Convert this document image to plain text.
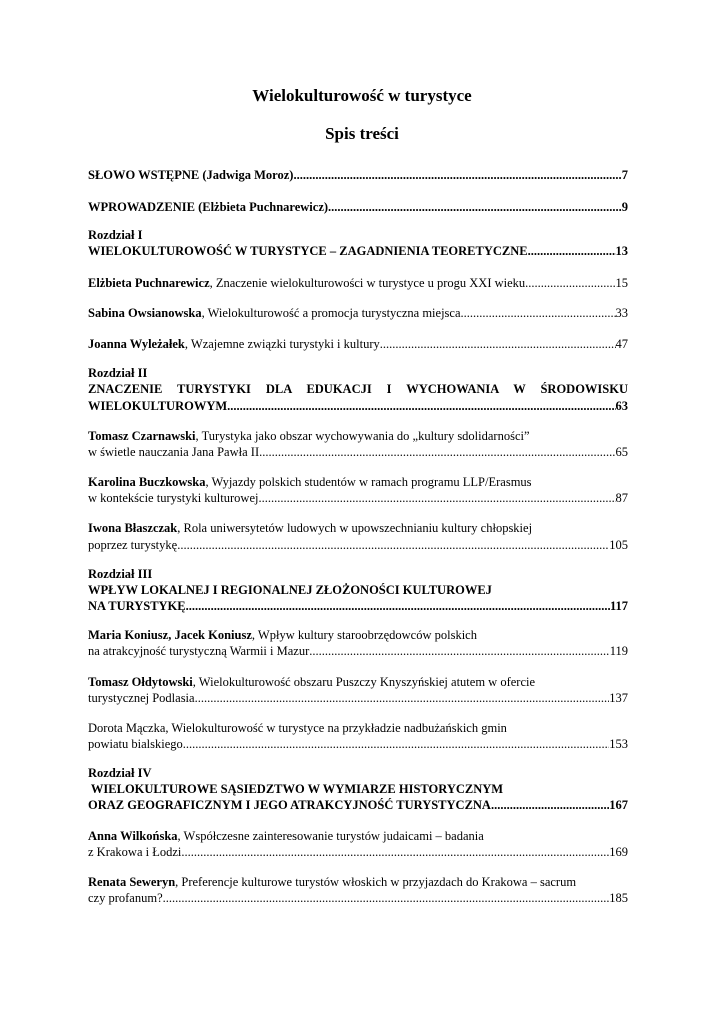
Wielokulturowość w turystyce
Spis treści
SŁOWO WSTĘPNE (Jadwiga Moroz) .....	7
WPROWADZENIE (Elżbieta Puchnarewicz) .....	9
Rozdział I
WIELOKULTUROWOŚĆ W TURYSTYCE – ZAGADNIENIA TEORETYCZNE .....	13
Elżbieta Puchnarewicz, Znaczenie wielokulturowości w turystyce u progu XXI wieku .....	15
Sabina Owsianowska, Wielokulturowość a promocja turystyczna miejsca .....	33
Joanna Wyleżałek, Wzajemne związki turystyki i kultury .....	47
Rozdział II
ZNACZENIE TURYSTYKI DLA EDUKACJI I WYCHOWANIA W ŚRODOWISKU
WIELOKULTUROWYM .....	63
Tomasz Czarnawski, Turystyka jako obszar wychowywania do „kultury sdolidarności”
w świetle nauczania Jana Pawła II .....	65
Karolina Buczkowska, Wyjazdy polskich studentów w ramach programu LLP/Erasmus
w kontekście turystyki kulturowej .....	87
Iwona Błaszczak, Rola uniwersytetów ludowych w upowszechnianiu kultury chłopskiej
poprzez turystykę .....	105
Rozdział III
WPŁYW LOKALNEJ I REGIONALNEJ ZŁOŻONOŚCI KULTUROWEJ
NA TURYSTYKĘ .....	117
Maria Koniusz, Jacek Koniusz, Wpływ kultury staroobrzędowców polskich
na atrakcyjność turystyczną Warmii i Mazur .....	119
Tomasz Ołdytowski, Wielokulturowość obszaru Puszczy Knyszyńskiej atutem w ofercie
turystycznej Podlasia .....	137
Dorota Mączka, Wielokulturowość w turystyce na przykładzie nadbużańskich gmin
powiatu bialskiego .....	153
Rozdział IV
WIELOKULTUROWE SĄSIEDZTWO W WYMIARZE HISTORYCZNYM
ORAZ GEOGRAFICZNYM I JEGO ATRAKCYJNOŚĆ TURYSTYCZNA .....	167
Anna Wilkońska, Współczesne zainteresowanie turystów judaicami – badania
z Krakowa i Łodzi .....	169
Renata Seweryn, Preferencje kulturowe turystów włoskich w przyjazdach do Krakowa – sacrum
czy profanum? .....	185
